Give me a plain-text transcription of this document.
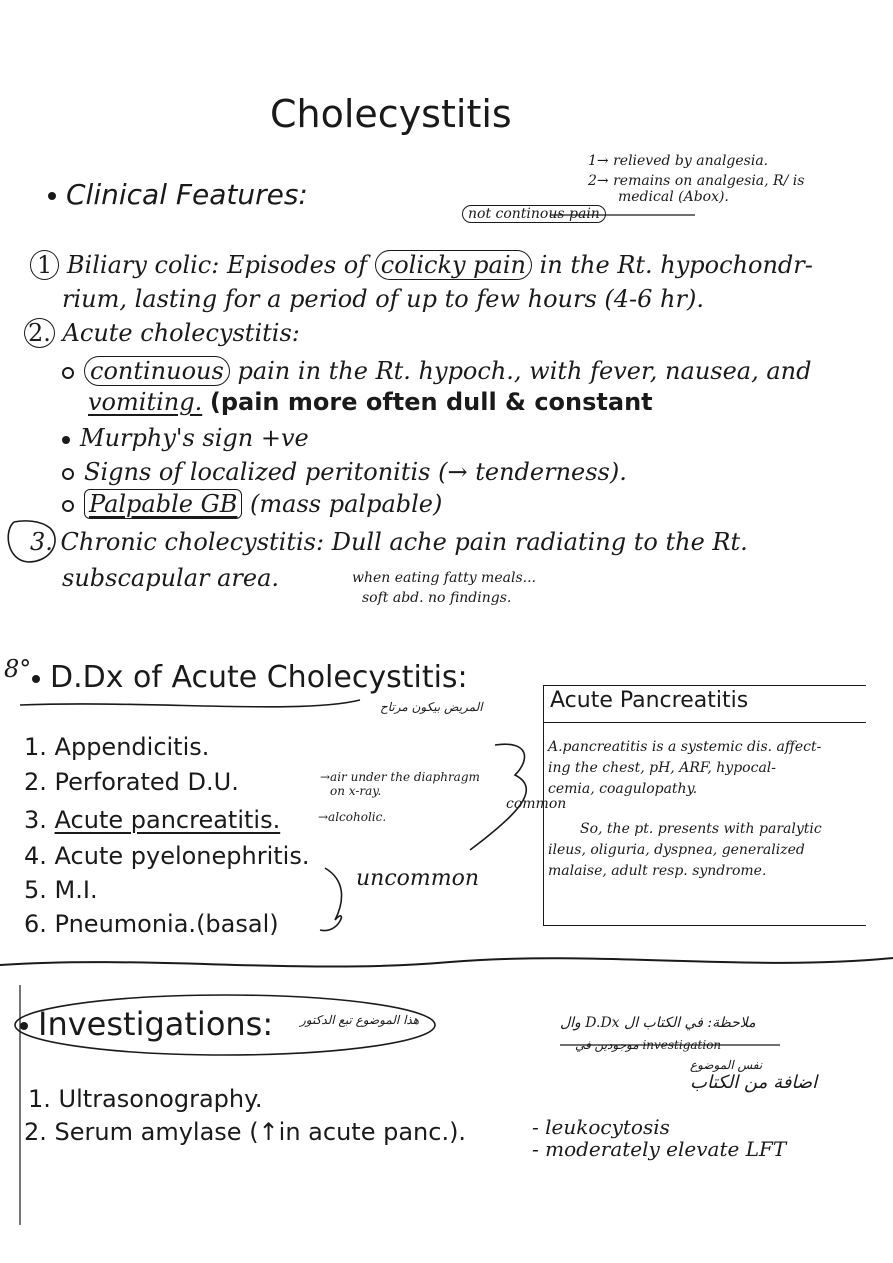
Cholecystitis
Clinical Features:
1→ relieved by analgesia.
2→ remains on analgesia, R/ is
medical (Abox).
not continous pain
1 Biliary colic: Episodes of colicky pain in the Rt. hypochondr-
rium, lasting for a period of up to few hours (4-6 hr).
2. Acute cholecystitis:
continuous pain in the Rt. hypoch., with fever, nausea, and
vomiting. (pain more often dull & constant
Murphy's sign +ve
Signs of localized peritonitis (→ tenderness).
Palpable GB (mass palpable)
3. Chronic cholecystitis: Dull ache pain radiating to the Rt.
subscapular area.	when eating fatty meals...
soft abd. no findings.
8° D.Dx of Acute Cholecystitis:
المريض بيكون مرتاح
1. Appendicitis.
2. Perforated D.U.
3. Acute pancreatitis.
4. Acute pyelonephritis.
5. M.I.
6. Pneumonia.(basal)
→air under the diaphragm
on x-ray.
→alcoholic.
common
uncommon
Acute Pancreatitis
A.pancreatitis is a systemic dis. affect-
ing the chest, pH, ARF, hypocal-
cemia, coagulopathy.
So, the pt. presents with paralytic
ileus, oliguria, dyspnea, generalized
malaise, adult resp. syndrome.
Investigations: هذا الموضوع تبع الدكتور	ملاحظة: في الكتاب ال D.Dx وال
investigation موجودين في
نفس الموضوع
اضافة من الكتاب
1. Ultrasonography.
2. Serum amylase (↑in acute panc.).	- leukocytosis
- moderately elevate LFT
